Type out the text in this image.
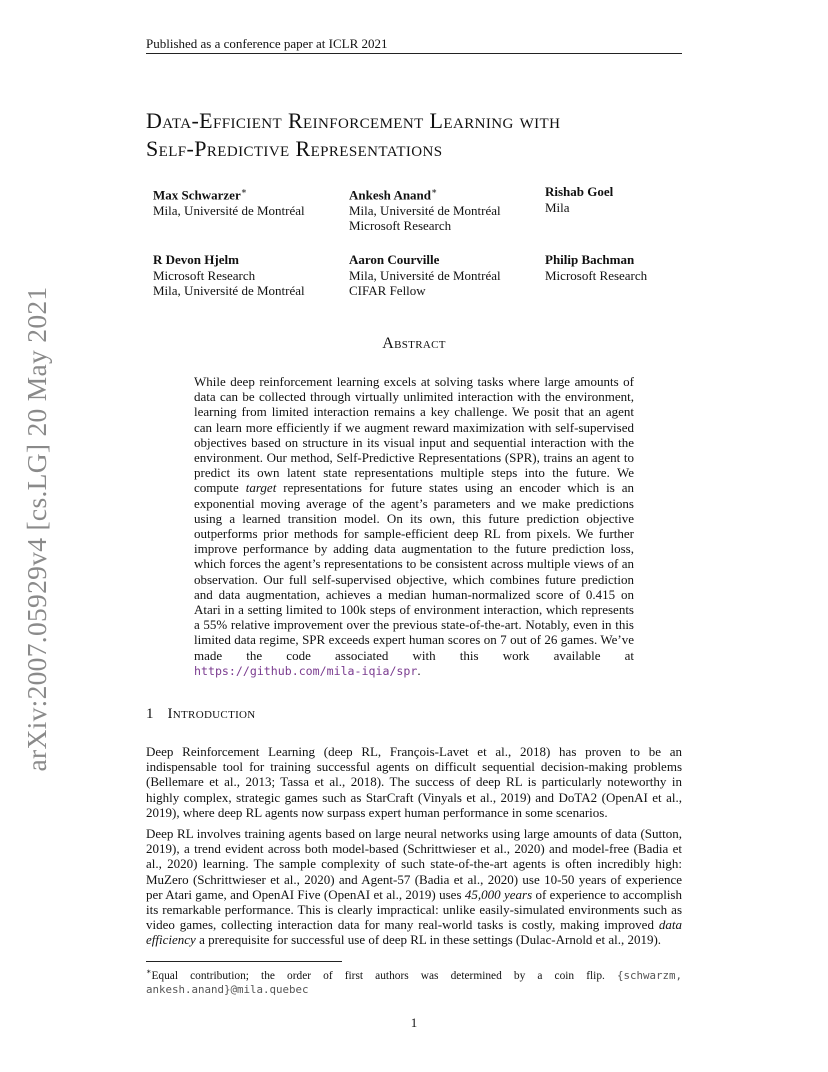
Published as a conference paper at ICLR 2021
arXiv:2007.05929v4 [cs.LG] 20 May 2021
Data-Efficient Reinforcement Learning with
Self-Predictive Representations
Max Schwarzer∗
Mila, Université de Montréal
Ankesh Anand∗
Mila, Université de Montréal
Microsoft Research
Rishab Goel
Mila
R Devon Hjelm
Microsoft Research
Mila, Université de Montréal
Aaron Courville
Mila, Université de Montréal
CIFAR Fellow
Philip Bachman
Microsoft Research
Abstract
While deep reinforcement learning excels at solving tasks where large amounts of data can be collected through virtually unlimited interaction with the environment, learning from limited interaction remains a key challenge. We posit that an agent can learn more efficiently if we augment reward maximization with self-supervised objectives based on structure in its visual input and sequential interaction with the environment. Our method, Self-Predictive Representations (SPR), trains an agent to predict its own latent state representations multiple steps into the future. We compute target representations for future states using an encoder which is an exponential moving average of the agent’s parameters and we make predictions using a learned transition model. On its own, this future prediction objective outperforms prior methods for sample-efficient deep RL from pixels. We further improve performance by adding data augmentation to the future prediction loss, which forces the agent’s representations to be consistent across multiple views of an observation. Our full self-supervised objective, which combines future prediction and data augmentation, achieves a median human-normalized score of 0.415 on Atari in a setting limited to 100k steps of environment interaction, which represents a 55% relative improvement over the previous state-of-the-art. Notably, even in this limited data regime, SPR exceeds expert human scores on 7 out of 26 games. We’ve made the code associated with this work available at https://github.com/mila-iqia/spr.
1 Introduction
Deep Reinforcement Learning (deep RL, François-Lavet et al., 2018) has proven to be an indispensable tool for training successful agents on difficult sequential decision-making problems (Bellemare et al., 2013; Tassa et al., 2018). The success of deep RL is particularly noteworthy in highly complex, strategic games such as StarCraft (Vinyals et al., 2019) and DoTA2 (OpenAI et al., 2019), where deep RL agents now surpass expert human performance in some scenarios.
Deep RL involves training agents based on large neural networks using large amounts of data (Sutton, 2019), a trend evident across both model-based (Schrittwieser et al., 2020) and model-free (Badia et al., 2020) learning. The sample complexity of such state-of-the-art agents is often incredibly high: MuZero (Schrittwieser et al., 2020) and Agent-57 (Badia et al., 2020) use 10-50 years of experience per Atari game, and OpenAI Five (OpenAI et al., 2019) uses 45,000 years of experience to accomplish its remarkable performance. This is clearly impractical: unlike easily-simulated environments such as video games, collecting interaction data for many real-world tasks is costly, making improved data efficiency a prerequisite for successful use of deep RL in these settings (Dulac-Arnold et al., 2019).
∗Equal contribution; the order of first authors was determined by a coin flip. {schwarzm, ankesh.anand}@mila.quebec
1
